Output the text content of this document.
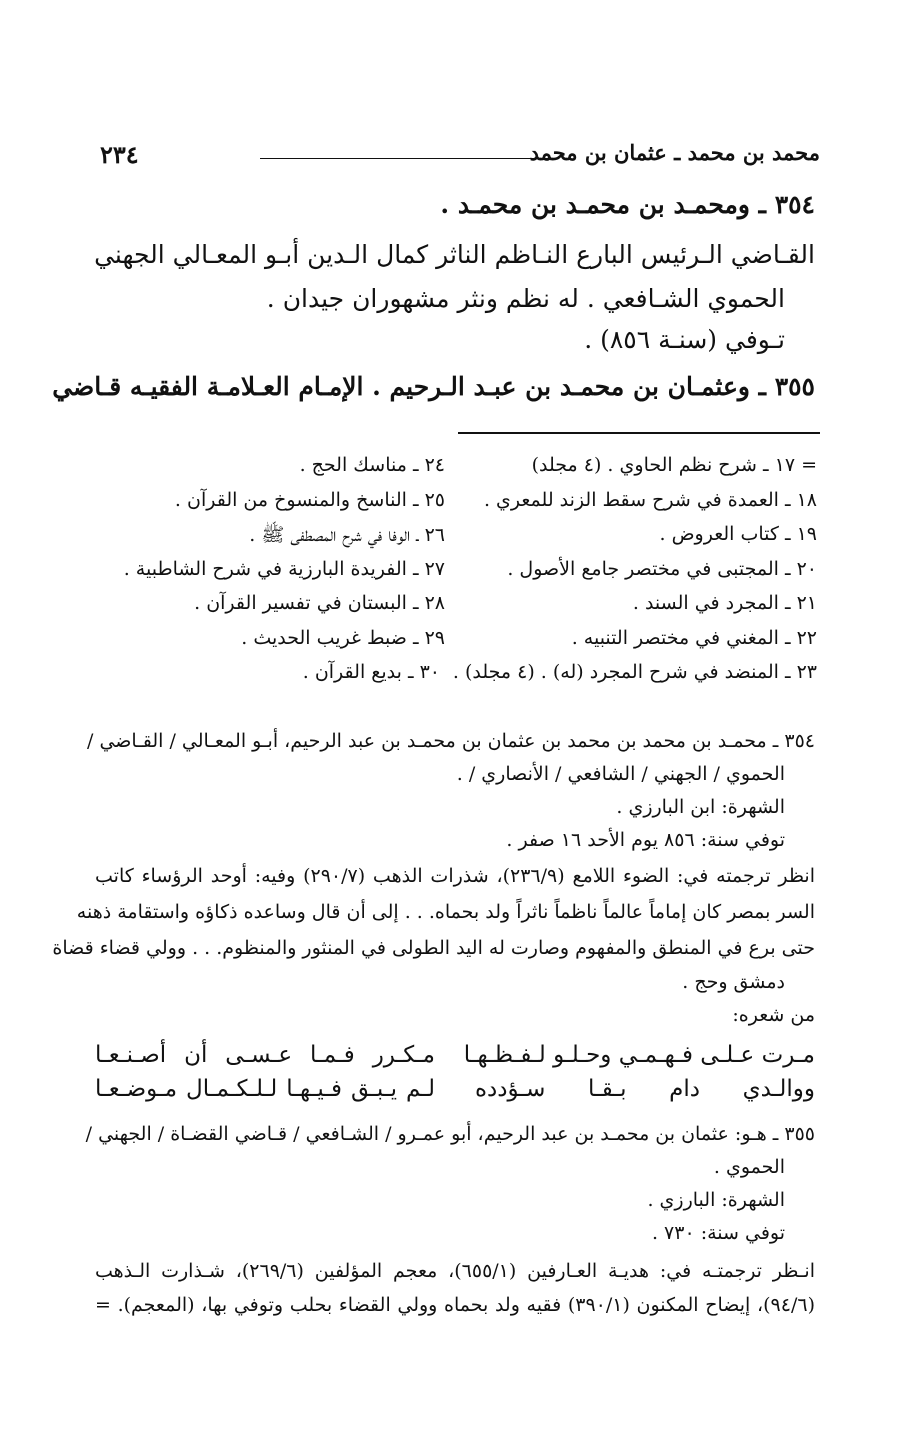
محمد بن محمد ـ عثمان بن محمد
٢٣٤
٣٥٤ ـ ومحمـد بن محمـد بن محمـد .
القـاضي الـرئيس البارع النـاظم الناثر كمال الـدين أبـو المعـالي الجهني
الحموي الشـافعي . له نظم ونثر مشهوران جيدان .
تـوفي (سنـة ٨٥٦) .
٣٥٥ ـ وعثمـان بن محمـد بن عبـد الـرحيم . الإمـام العـلامـة الفقيـه قـاضي
= ١٧ ـ شرح نظم الحاوي . (٤ مجلد)
١٨ ـ العمدة في شرح سقط الزند للمعري .
١٩ ـ كتاب العروض .
٢٠ ـ المجتبى في مختصر جامع الأصول .
٢١ ـ المجرد في السند .
٢٢ ـ المغني في مختصر التنبيه .
٢٣ ـ المنضد في شرح المجرد (له) . (٤ مجلد) .
٢٤ ـ مناسك الحج .
٢٥ ـ الناسخ والمنسوخ من القرآن .
٢٦ ـ الوفا في شرح المصطفى ﷺ .
٢٧ ـ الفريدة البارزية في شرح الشاطبية .
٢٨ ـ البستان في تفسير القرآن .
٢٩ ـ ضبط غريب الحديث .
٣٠ ـ بديع القرآن .
٣٥٤ ـ محمـد بن محمد بن محمد بن عثمان بن محمـد بن عبد الرحيم، أبـو المعـالي / القـاضي /
الحموي / الجهني / الشافعي / الأنصاري / .
الشهرة: ابن البارزي .
توفي سنة: ٨٥٦ يوم الأحد ١٦ صفر .
انظر ترجمته في: الضوء اللامع (٢٣٦/٩)، شذرات الذهب (٢٩٠/٧) وفيه: أوحد الرؤساء كاتب
السر بمصر كان إماماً عالماً ناظماً ناثراً ولد بحماه. . . إلى أن قال وساعده ذكاؤه واستقامة ذهنه
حتى برع في المنطق والمفهوم وصارت له اليد الطولى في المنثور والمنظوم. . . وولي قضاء قضاة
دمشق وحج .
من شعره:
مـرت عـلـى فـهـمـي وحـلـو لـفـظـهـا
مـكـرر فـمـا عـسـى أن أصـنـعـا
ووالـدي دام بـقـا سـؤدده
لـم يـبـق فـيـهـا لـلـكـمـال مـوضـعـا
٣٥٥ ـ هـو: عثمان بن محمـد بن عبد الرحيم، أبو عمـرو / الشـافعي / قـاضي القضـاة / الجهني /
الحموي .
الشهرة: البارزي .
توفي سنة: ٧٣٠ .
انـظر ترجمتـه في: هديـة العـارفين (٦٥٥/١)، معجم المؤلفين (٢٦٩/٦)، شـذارت الـذهب
(٩٤/٦)، إيضاح المكنون (٣٩٠/١) فقيه ولد بحماه وولي القضاء بحلب وتوفي بها، (المعجم). =
